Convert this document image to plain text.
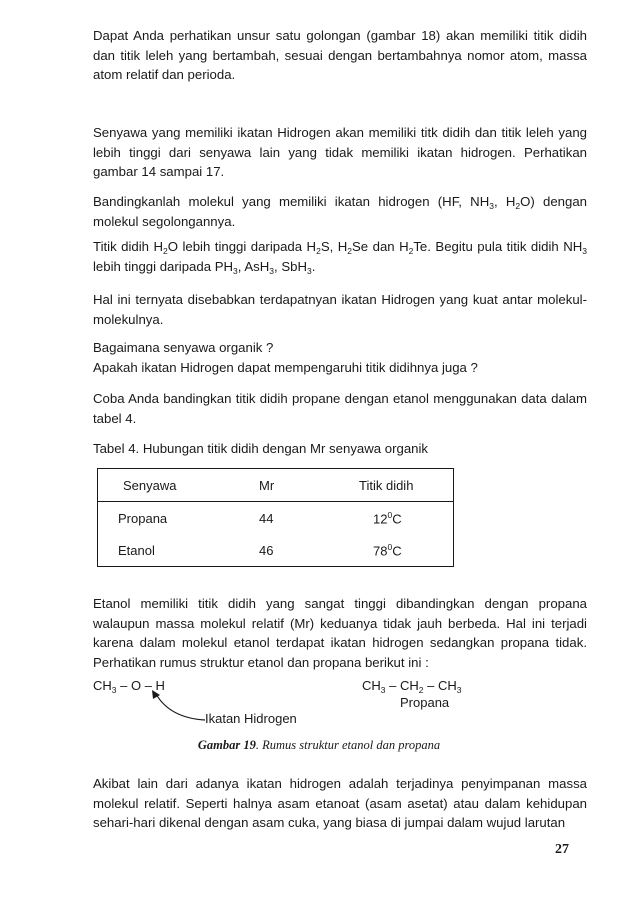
Dapat Anda perhatikan unsur satu golongan (gambar 18) akan memiliki titik didih dan titik leleh yang bertambah, sesuai dengan bertambahnya nomor atom, massa atom relatif dan perioda.

Senyawa yang memiliki ikatan Hidrogen akan memiliki titk didih dan titik leleh yang lebih tinggi dari senyawa lain yang tidak memiliki ikatan hidrogen. Perhatikan gambar 14 sampai 17.

Bandingkanlah molekul yang memiliki ikatan hidrogen (HF, $NH_3$, $H_2O$) dengan molekul segolongannya.

Titik didih $H_2O$ lebih tinggi daripada $H_2S$, $H_2Se$ dan $H_2Te$. Begitu pula titik didih $NH_3$ lebih tinggi daripada $PH_3$, AsH$_3$, SbH$_3$.

Hal ini ternyata disebabkan terdapatnyan ikatan Hidrogen yang kuat antar molekul-molekulnya.

Bagaimana senyawa organik ?
Apakah ikatan Hidrogen dapat mempengaruhi titik didihnya juga ?

Coba Anda bandingkan titik didih propane dengan etanol menggunakan data dalam tabel 4.

Tabel 4. Hubungan titik didih dengan Mr senyawa organik

Senyawa	Mr	Titik didih
Propana	44	$12^0C$
Etanol	46	$78^0C$

Etanol memiliki titik didih yang sangat tinggi dibandingkan dengan propana walaupun massa molekul relatif (Mr) keduanya tidak jauh berbeda. Hal ini terjadi karena dalam molekul etanol terdapat ikatan hidrogen sedangkan propana tidak. Perhatikan rumus struktur etanol dan propana berikut ini :

$CH_3$ – O – H	$CH_3 - CH_2 - CH_3$
Propana
Ikatan Hidrogen
Gambar 19. Rumus struktur etanol dan propana

Akibat lain dari adanya ikatan hidrogen adalah terjadinya penyimpanan massa molekul relatif. Seperti halnya asam etanoat (asam asetat) atau dalam kehidupan sehari-hari dikenal dengan asam cuka, yang biasa di jumpai dalam wujud larutan

27
